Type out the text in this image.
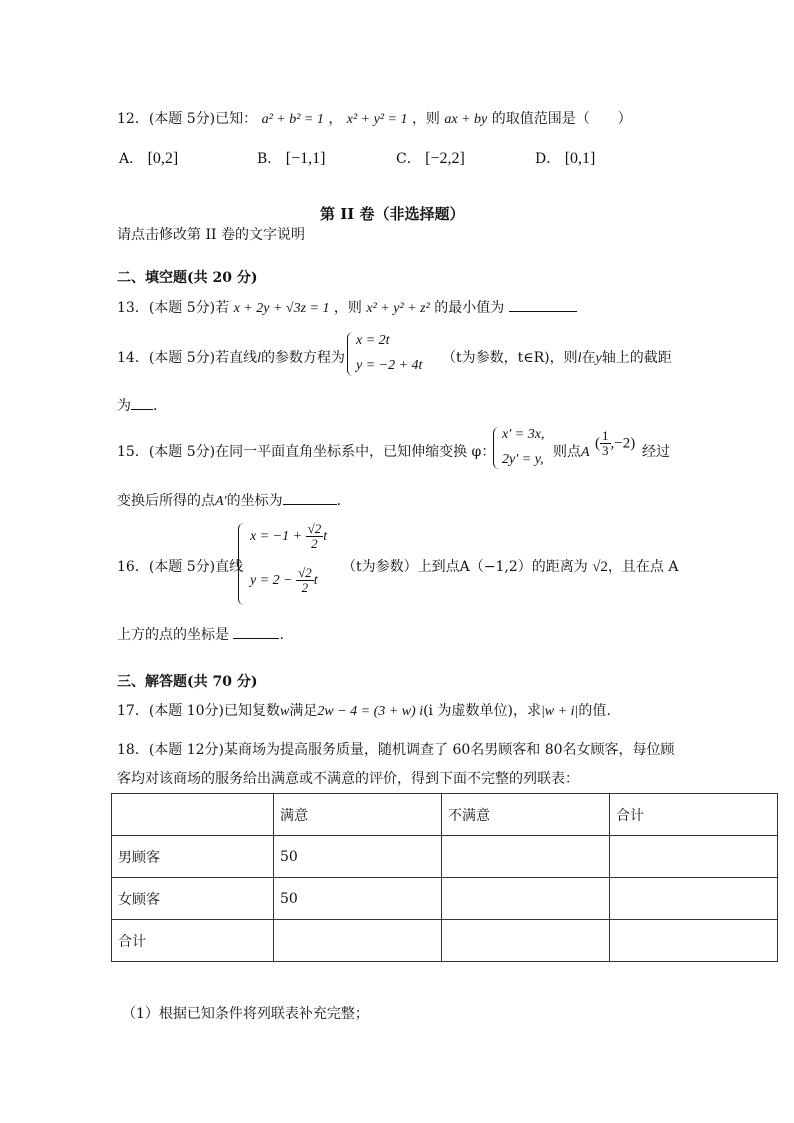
12．(本题 5分)已知： a² + b² = 1 ， x² + y² = 1 ，则 ax + by 的取值范围是（　　）
A． [0,2]	B． [−1,1]	C． [−2,2]	D． [0,1]
第 II 卷（非选择题）
请点击修改第 II 卷的文字说明
二、填空题(共 20 分)
13．(本题 5分)若 x + 2y + √3z = 1 ，则 x² + y² + z² 的最小值为
14．(本题 5分)若直线l的参数方程为
x = 2t
y = −2 + 4t （t为参数，t∈R)，则l在y轴上的截距
为 ．
15．(本题 5分)在同一平面直角坐标系中，已知伸缩变换 φ：
x′ = 3x,
2y′ = y, 则点A
( $\frac{1}{3} ,-2$)
经过
变换后所得的点A′的坐标为	．
16．(本题 5分)直线
$x = -1 + \frac{√2}{2}$ t
$y = 2 - \frac{√2}{2}$ t
（t为参数）上到点A（−1,2）的距离为 √2，且在点 A
上方的点的坐标是	.
三、解答题(共 70 分)
17．(本题 10分)已知复数w满足2w − 4 = (3 + w) i(i 为虚数单位)，求|w + i|的值.
18．(本题 12分)某商场为提高服务质量，随机调查了 60名男顾客和 80名女顾客，每位顾
客均对该商场的服务给出满意或不满意的评价，得到下面不完整的列联表：
	满意	不满意	合计
男顾客	50		
女顾客	50		
合计			
（1）根据已知条件将列联表补充完整；
